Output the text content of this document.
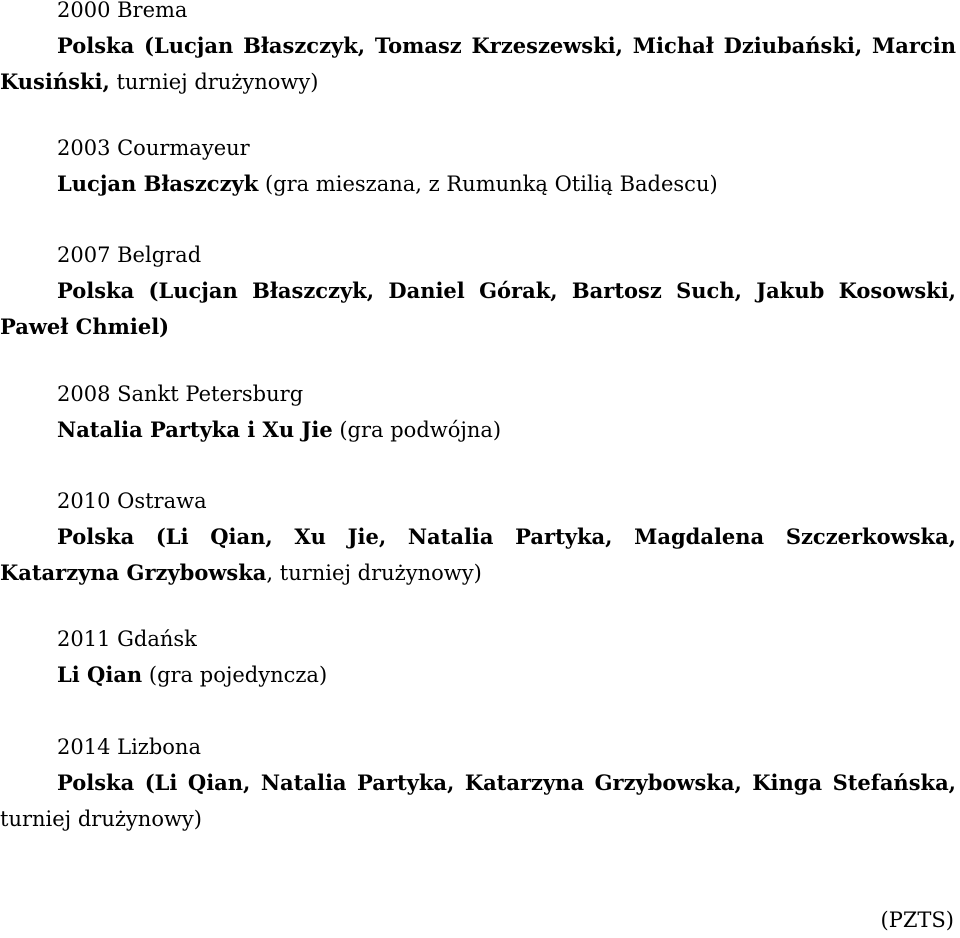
2000 Brema
Polska (Lucjan Błaszczyk, Tomasz Krzeszewski, Michał Dziubański, Marcin Kusiński, turniej drużynowy)
2003 Courmayeur
Lucjan Błaszczyk (gra mieszana, z Rumunką Otilią Badescu)
2007 Belgrad
Polska (Lucjan Błaszczyk, Daniel Górak, Bartosz Such, Jakub Kosowski, Paweł Chmiel)
2008 Sankt Petersburg
Natalia Partyka i Xu Jie (gra podwójna)
2010 Ostrawa
Polska (Li Qian, Xu Jie, Natalia Partyka, Magdalena Szczerkowska, Katarzyna Grzybowska, turniej drużynowy)
2011 Gdańsk
Li Qian (gra pojedyncza)
2014 Lizbona
Polska (Li Qian, Natalia Partyka, Katarzyna Grzybowska, Kinga Stefańska, turniej drużynowy)
(PZTS)
